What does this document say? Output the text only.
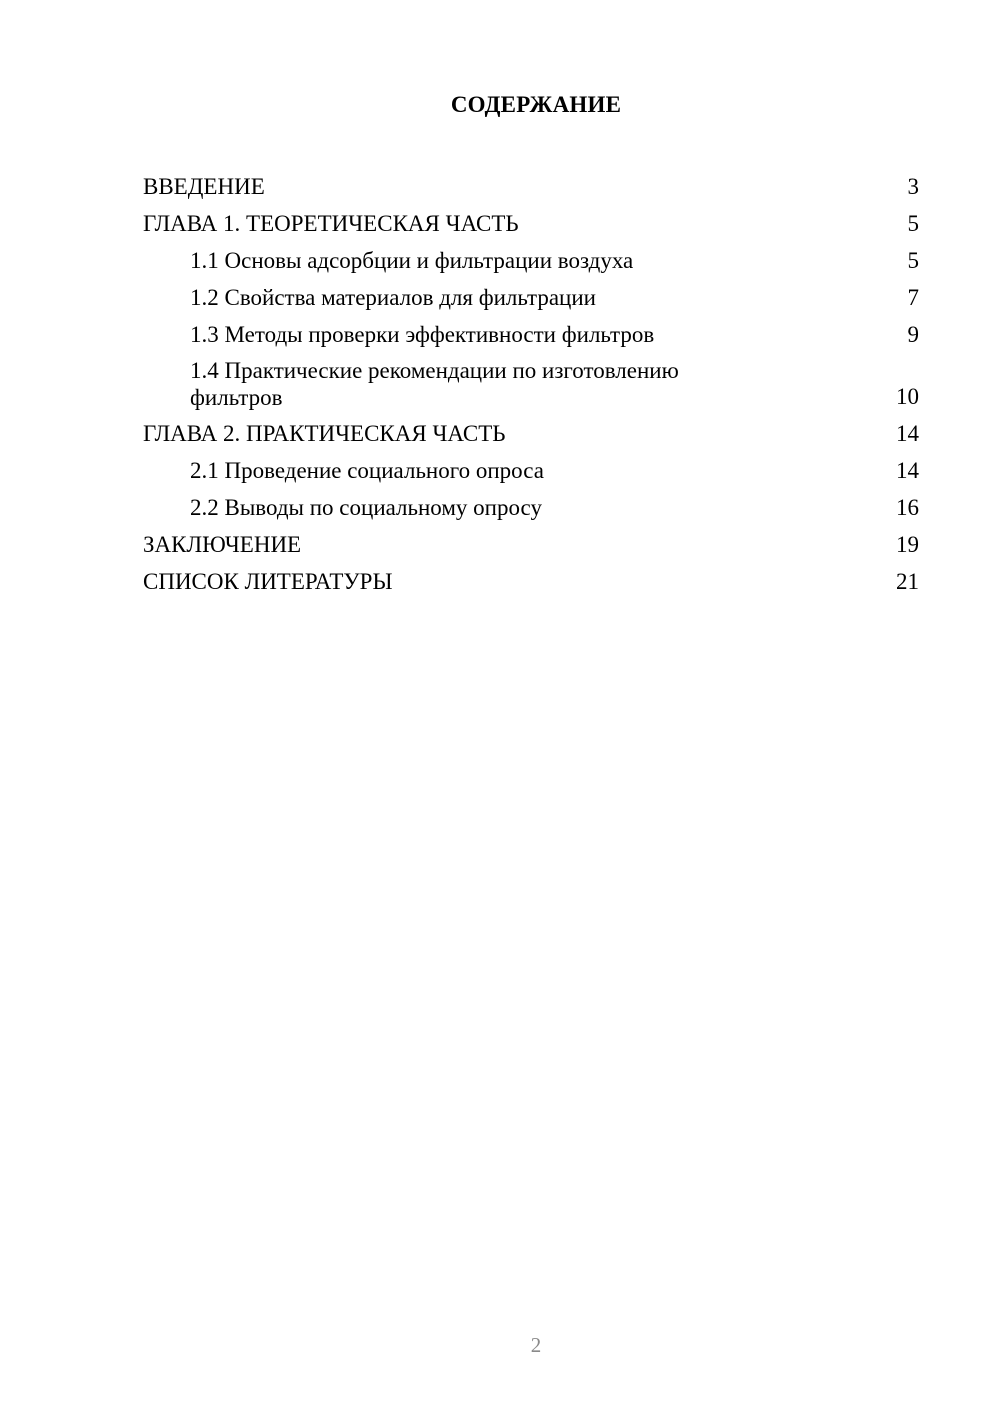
СОДЕРЖАНИЕ
ВВЕДЕНИЕ	3
ГЛАВА 1. ТЕОРЕТИЧЕСКАЯ ЧАСТЬ	5
1.1 Основы адсорбции и фильтрации воздуха	5
1.2 Свойства материалов для фильтрации	7
1.3 Методы проверки эффективности фильтров	9
1.4 Практические рекомендации по изготовлению фильтров	10
ГЛАВА 2. ПРАКТИЧЕСКАЯ ЧАСТЬ	14
2.1 Проведение социального опроса	14
2.2 Выводы по социальному опросу	16
ЗАКЛЮЧЕНИЕ	19
СПИСОК ЛИТЕРАТУРЫ	21
2
